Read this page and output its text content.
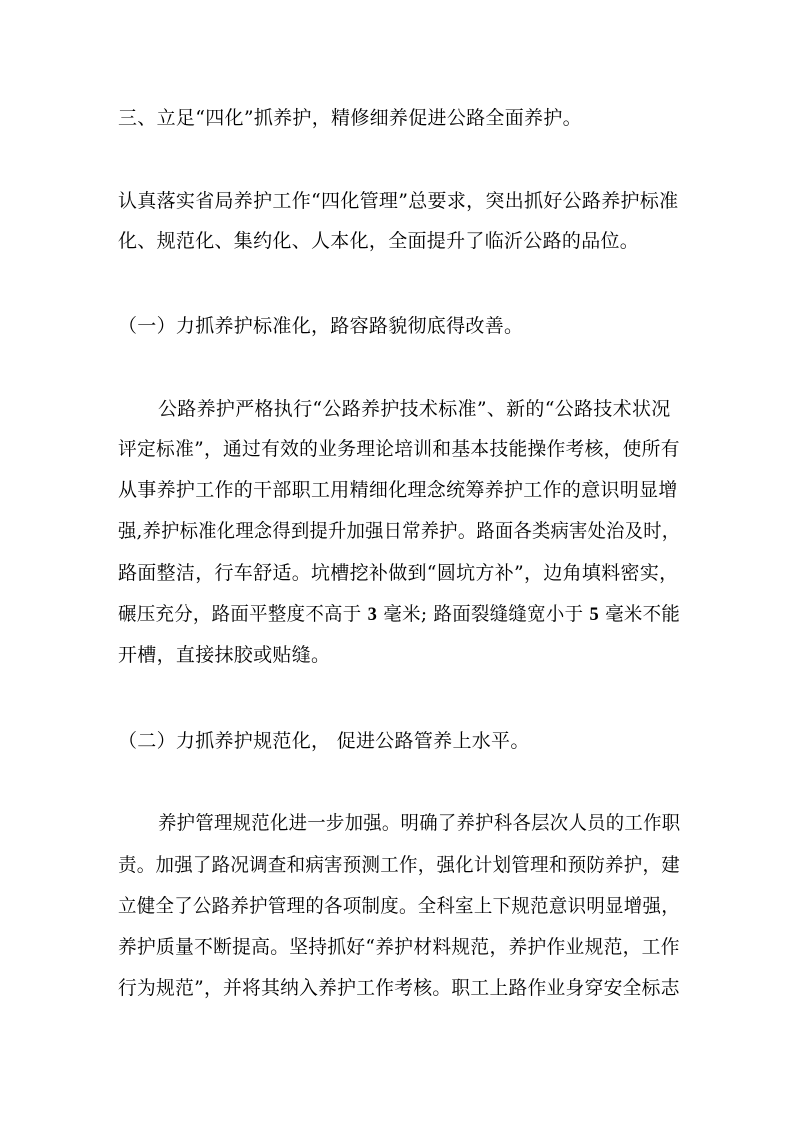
三、立足“四化”抓养护，精修细养促进公路全面养护。
认真落实省局养护工作“四化管理”总要求，突出抓好公路养护标准
化、规范化、集约化、人本化，全面提升了临沂公路的品位。
（一）力抓养护标准化，路容路貌彻底得改善。
公路养护严格执行“公路养护技术标准”、新的“公路技术状况
评定标准”，通过有效的业务理论培训和基本技能操作考核，使所有
从事养护工作的干部职工用精细化理念统筹养护工作的意识明显增
强,养护标准化理念得到提升加强日常养护。路面各类病害处治及时，
路面整洁，行车舒适。坑槽挖补做到“圆坑方补”，边角填料密实，
碾压充分，路面平整度不高于 3 毫米; 路面裂缝缝宽小于 5 毫米不能
开槽，直接抹胶或贴缝。
（二）力抓养护规范化， 促进公路管养上水平。
养护管理规范化进一步加强。明确了养护科各层次人员的工作职
责。加强了路况调查和病害预测工作，强化计划管理和预防养护，建
立健全了公路养护管理的各项制度。全科室上下规范意识明显增强，
养护质量不断提高。坚持抓好“养护材料规范，养护作业规范，工作
行为规范”，并将其纳入养护工作考核。职工上路作业身穿安全标志
